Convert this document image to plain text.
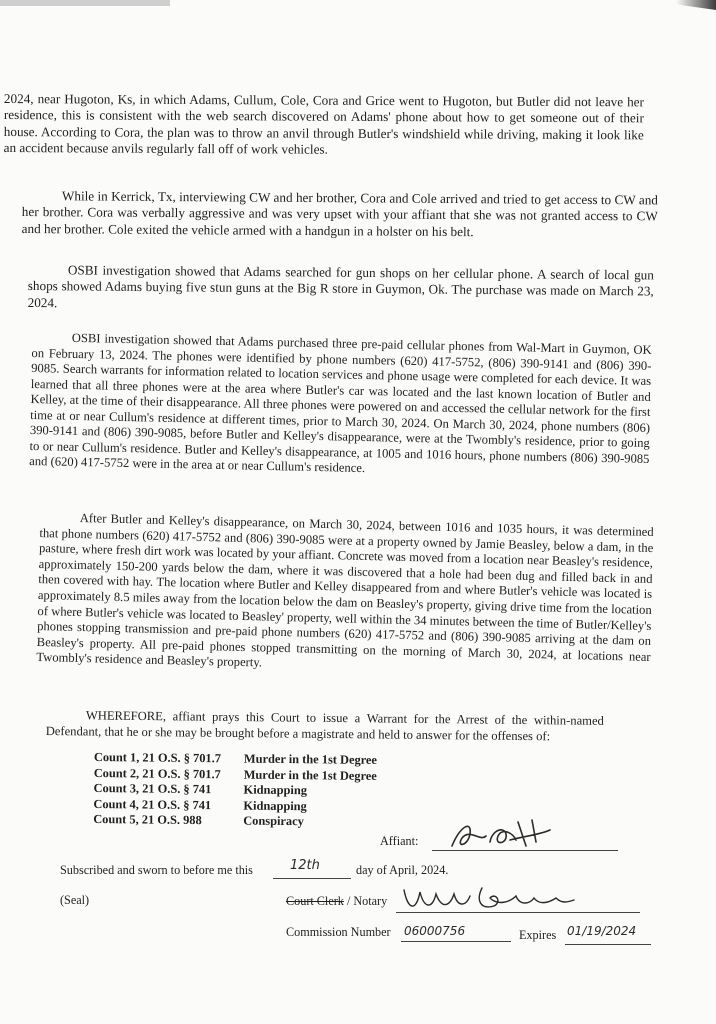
2024, near Hugoton, Ks, in which Adams, Cullum, Cole, Cora and Grice went to Hugoton, but Butler did not leave her residence, this is consistent with the web search discovered on Adams' phone about how to get someone out of their house. According to Cora, the plan was to throw an anvil through Butler's windshield while driving, making it look like an accident because anvils regularly fall off of work vehicles.

While in Kerrick, Tx, interviewing CW and her brother, Cora and Cole arrived and tried to get access to CW and her brother. Cora was verbally aggressive and was very upset with your affiant that she was not granted access to CW and her brother. Cole exited the vehicle armed with a handgun in a holster on his belt.

OSBI investigation showed that Adams searched for gun shops on her cellular phone. A search of local gun shops showed Adams buying five stun guns at the Big R store in Guymon, Ok. The purchase was made on March 23, 2024.

OSBI investigation showed that Adams purchased three pre-paid cellular phones from Wal-Mart in Guymon, OK on February 13, 2024. The phones were identified by phone numbers (620) 417-5752, (806) 390-9141 and (806) 390-9085. Search warrants for information related to location services and phone usage were completed for each device. It was learned that all three phones were at the area where Butler's car was located and the last known location of Butler and Kelley, at the time of their disappearance. All three phones were powered on and accessed the cellular network for the first time at or near Cullum's residence at different times, prior to March 30, 2024. On March 30, 2024, phone numbers (806) 390-9141 and (806) 390-9085, before Butler and Kelley's disappearance, were at the Twombly's residence, prior to going to or near Cullum's residence. Butler and Kelley's disappearance, at 1005 and 1016 hours, phone numbers (806) 390-9085 and (620) 417-5752 were in the area at or near Cullum's residence.

After Butler and Kelley's disappearance, on March 30, 2024, between 1016 and 1035 hours, it was determined that phone numbers (620) 417-5752 and (806) 390-9085 were at a property owned by Jamie Beasley, below a dam, in the pasture, where fresh dirt work was located by your affiant. Concrete was moved from a location near Beasley's residence, approximately 150-200 yards below the dam, where it was discovered that a hole had been dug and filled back in and then covered with hay. The location where Butler and Kelley disappeared from and where Butler's vehicle was located is approximately 8.5 miles away from the location below the dam on Beasley's property, giving drive time from the location of where Butler's vehicle was located to Beasley' property, well within the 34 minutes between the time of Butler/Kelley's phones stopping transmission and pre-paid phone numbers (620) 417-5752 and (806) 390-9085 arriving at the dam on Beasley's property. All pre-paid phones stopped transmitting on the morning of March 30, 2024, at locations near Twombly's residence and Beasley's property.

WHEREFORE, affiant prays this Court to issue a Warrant for the Arrest of the within-named Defendant, that he or she may be brought before a magistrate and held to answer for the offenses of:

Count 1, 21 O.S. § 701.7	Murder in the 1st Degree
Count 2, 21 O.S. § 701.7	Murder in the 1st Degree
Count 3, 21 O.S. § 741	Kidnapping
Count 4, 21 O.S. § 741	Kidnapping
Count 5, 21 O.S. 988	Conspiracy
Affiant:
Subscribed and sworn to before me this	12th	day of April, 2024.
(Seal)	Court Clerk / Notary
Commission Number 06000756	Expires 01/19/2024
